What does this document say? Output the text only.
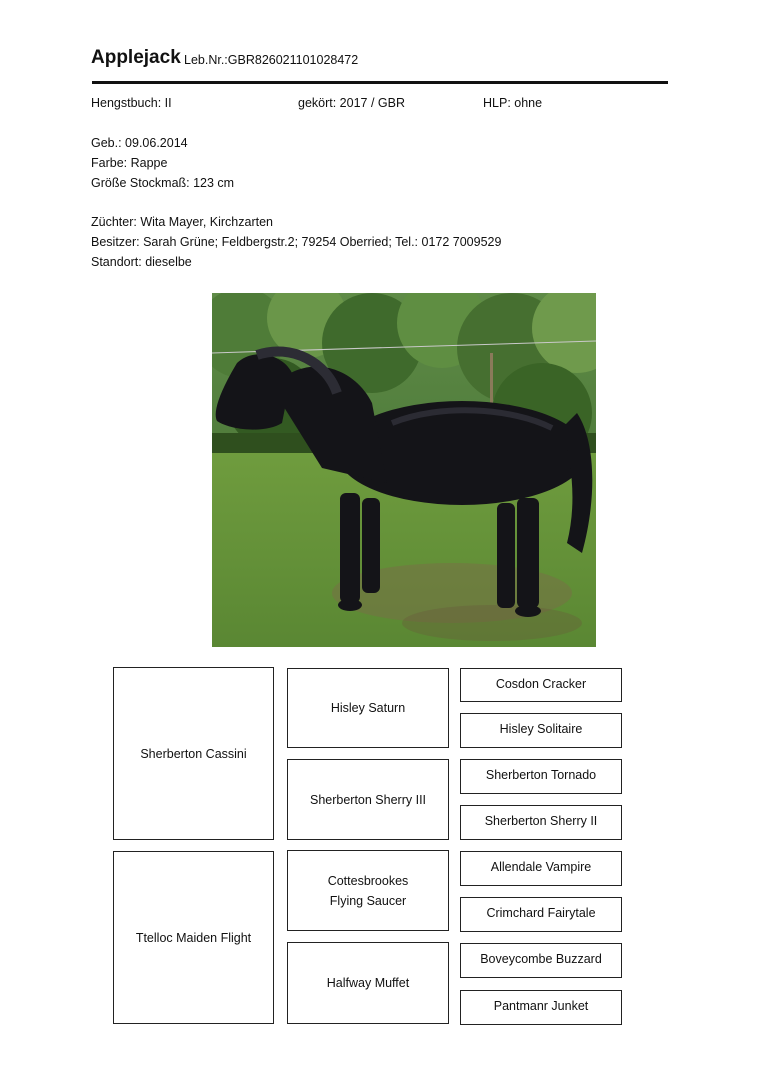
Applejack Leb.Nr.:GBR826021101028472
Hengstbuch: II	gekört: 2017 / GBR	HLP: ohne
Geb.: 09.06.2014
Farbe: Rappe
Größe Stockmaß: 123 cm
Züchter: Wita Mayer, Kirchzarten
Besitzer: Sarah Grüne; Feldbergstr.2; 79254 Oberried; Tel.: 0172 7009529
Standort: dieselbe
Sherberton Cassini
Ttelloc Maiden Flight
Hisley Saturn
Sherberton Sherry III
Cottesbrookes
Flying Saucer
Halfway Muffet
Cosdon Cracker
Hisley Solitaire
Sherberton Tornado
Sherberton Sherry II
Allendale Vampire
Crimchard Fairytale
Boveycombe Buzzard
Pantmanr Junket
